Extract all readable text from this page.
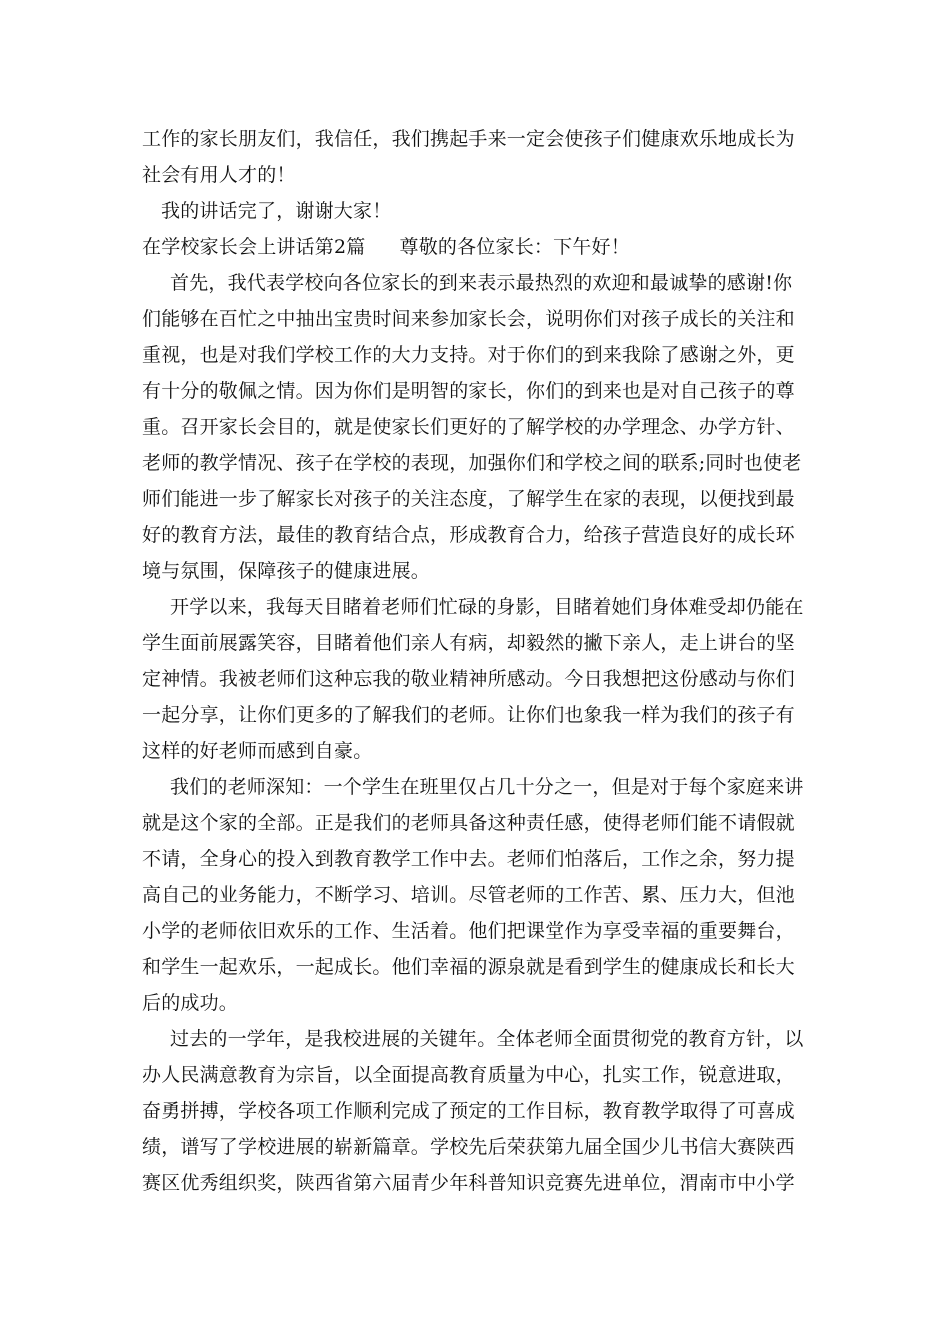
工作的家长朋友们，我信任，我们携起手来一定会使孩子们健康欢乐地成长为
社会有用人才的！
我的讲话完了，谢谢大家！
在学校家长会上讲话第2篇 尊敬的各位家长：下午好！
首先，我代表学校向各位家长的到来表示最热烈的欢迎和最诚挚的感谢!你
们能够在百忙之中抽出宝贵时间来参加家长会，说明你们对孩子成长的关注和
重视，也是对我们学校工作的大力支持。对于你们的到来我除了感谢之外，更
有十分的敬佩之情。因为你们是明智的家长，你们的到来也是对自己孩子的尊
重。召开家长会目的，就是使家长们更好的了解学校的办学理念、办学方针、
老师的教学情况、孩子在学校的表现，加强你们和学校之间的联系;同时也使老
师们能进一步了解家长对孩子的关注态度，了解学生在家的表现，以便找到最
好的教育方法，最佳的教育结合点，形成教育合力，给孩子营造良好的成长环
境与氛围，保障孩子的健康进展。
开学以来，我每天目睹着老师们忙碌的身影，目睹着她们身体难受却仍能在
学生面前展露笑容，目睹着他们亲人有病，却毅然的撇下亲人，走上讲台的坚
定神情。我被老师们这种忘我的敬业精神所感动。今日我想把这份感动与你们
一起分享，让你们更多的了解我们的老师。让你们也象我一样为我们的孩子有
这样的好老师而感到自豪。
我们的老师深知：一个学生在班里仅占几十分之一，但是对于每个家庭来讲
就是这个家的全部。正是我们的老师具备这种责任感，使得老师们能不请假就
不请，全身心的投入到教育教学工作中去。老师们怕落后，工作之余，努力提
高自己的业务能力，不断学习、培训。尽管老师的工作苦、累、压力大，但池
小学的老师依旧欢乐的工作、生活着。他们把课堂作为享受幸福的重要舞台，
和学生一起欢乐，一起成长。他们幸福的源泉就是看到学生的健康成长和长大
后的成功。
过去的一学年，是我校进展的关键年。全体老师全面贯彻党的教育方针，以
办人民满意教育为宗旨，以全面提高教育质量为中心，扎实工作，锐意进取，
奋勇拼搏，学校各项工作顺利完成了预定的工作目标，教育教学取得了可喜成
绩，谱写了学校进展的崭新篇章。学校先后荣获第九届全国少儿书信大赛陕西
赛区优秀组织奖，陕西省第六届青少年科普知识竞赛先进单位，渭南市中小学
